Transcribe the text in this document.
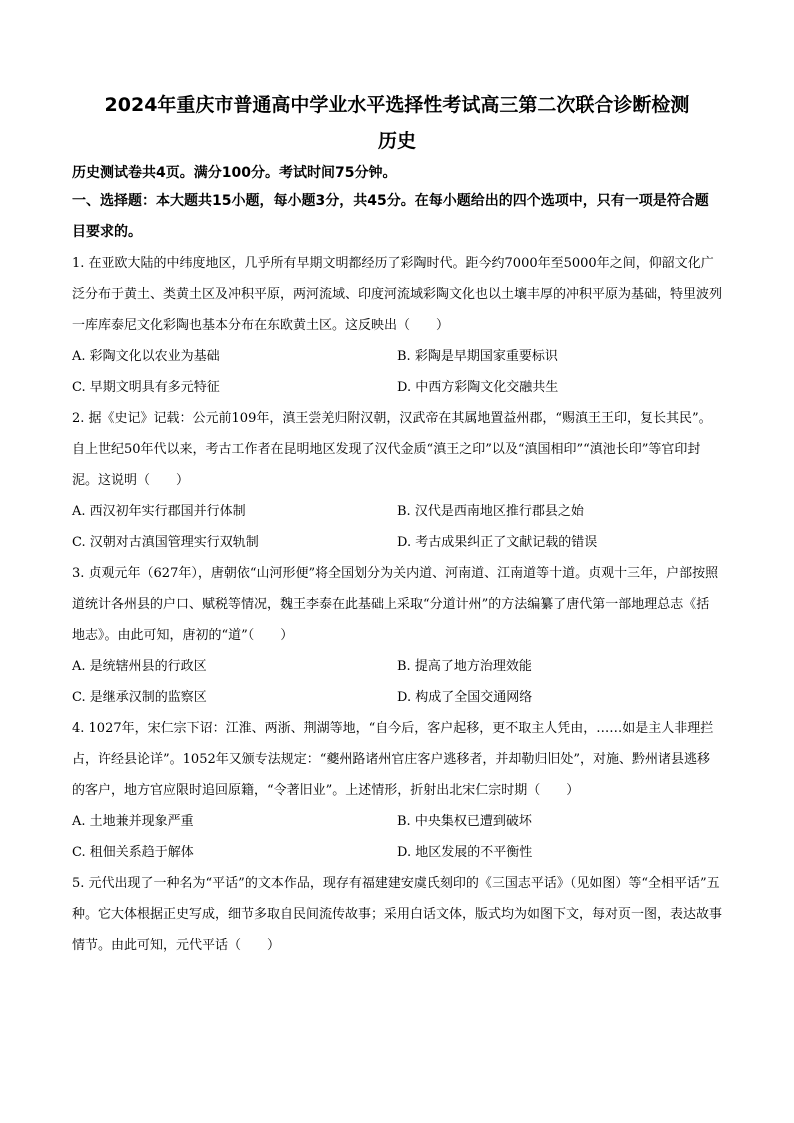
2024年重庆市普通高中学业水平选择性考试高三第二次联合诊断检测
历史
历史测试卷共4页。满分100分。考试时间75分钟。
一、选择题：本大题共15小题，每小题3分，共45分。在每小题给出的四个选项中，只有一项是符合题目要求的。
1. 在亚欧大陆的中纬度地区，几乎所有早期文明都经历了彩陶时代。距今约7000年至5000年之间，仰韶文化广泛分布于黄土、类黄土区及冲积平原，两河流域、印度河流域彩陶文化也以土壤丰厚的冲积平原为基础，特里波列一库库泰尼文化彩陶也基本分布在东欧黄土区。这反映出（　　）
A. 彩陶文化以农业为基础	B. 彩陶是早期国家重要标识
C. 早期文明具有多元特征	D. 中西方彩陶文化交融共生
2. 据《史记》记载：公元前109年，滇王尝羌归附汉朝，汉武帝在其属地置益州郡，“赐滇王王印，复长其民”。自上世纪50年代以来，考古工作者在昆明地区发现了汉代金质“滇王之印”以及“滇国相印”“滇池长印”等官印封泥。这说明（　　）
A. 西汉初年实行郡国并行体制	B. 汉代是西南地区推行郡县之始
C. 汉朝对古滇国管理实行双轨制	D. 考古成果纠正了文献记载的错误
3. 贞观元年（627年），唐朝依“山河形便”将全国划分为关内道、河南道、江南道等十道。贞观十三年，户部按照道统计各州县的户口、赋税等情况，魏王李泰在此基础上采取“分道计州”的方法编纂了唐代第一部地理总志《括地志》。由此可知，唐初的“道”（　　）
A. 是统辖州县的行政区	B. 提高了地方治理效能
C. 是继承汉制的监察区	D. 构成了全国交通网络
4. 1027年，宋仁宗下诏：江淮、两浙、荆湖等地，“自今后，客户起移，更不取主人凭由，……如是主人非理拦占，许经县论详”。1052年又颁专法规定：“夔州路诸州官庄客户逃移者，并却勒归旧处”，对施、黔州诸县逃移的客户，地方官应限时追回原籍，“令著旧业”。上述情形，折射出北宋仁宗时期（　　）
A. 土地兼并现象严重	B. 中央集权已遭到破坏
C. 租佃关系趋于解体	D. 地区发展的不平衡性
5. 元代出现了一种名为“平话”的文本作品，现存有福建建安虞氏刻印的《三国志平话》（见如图）等“全相平话”五种。它大体根据正史写成，细节多取自民间流传故事；采用白话文体，版式均为如图下文，每对页一图，表达故事情节。由此可知，元代平话（　　）
